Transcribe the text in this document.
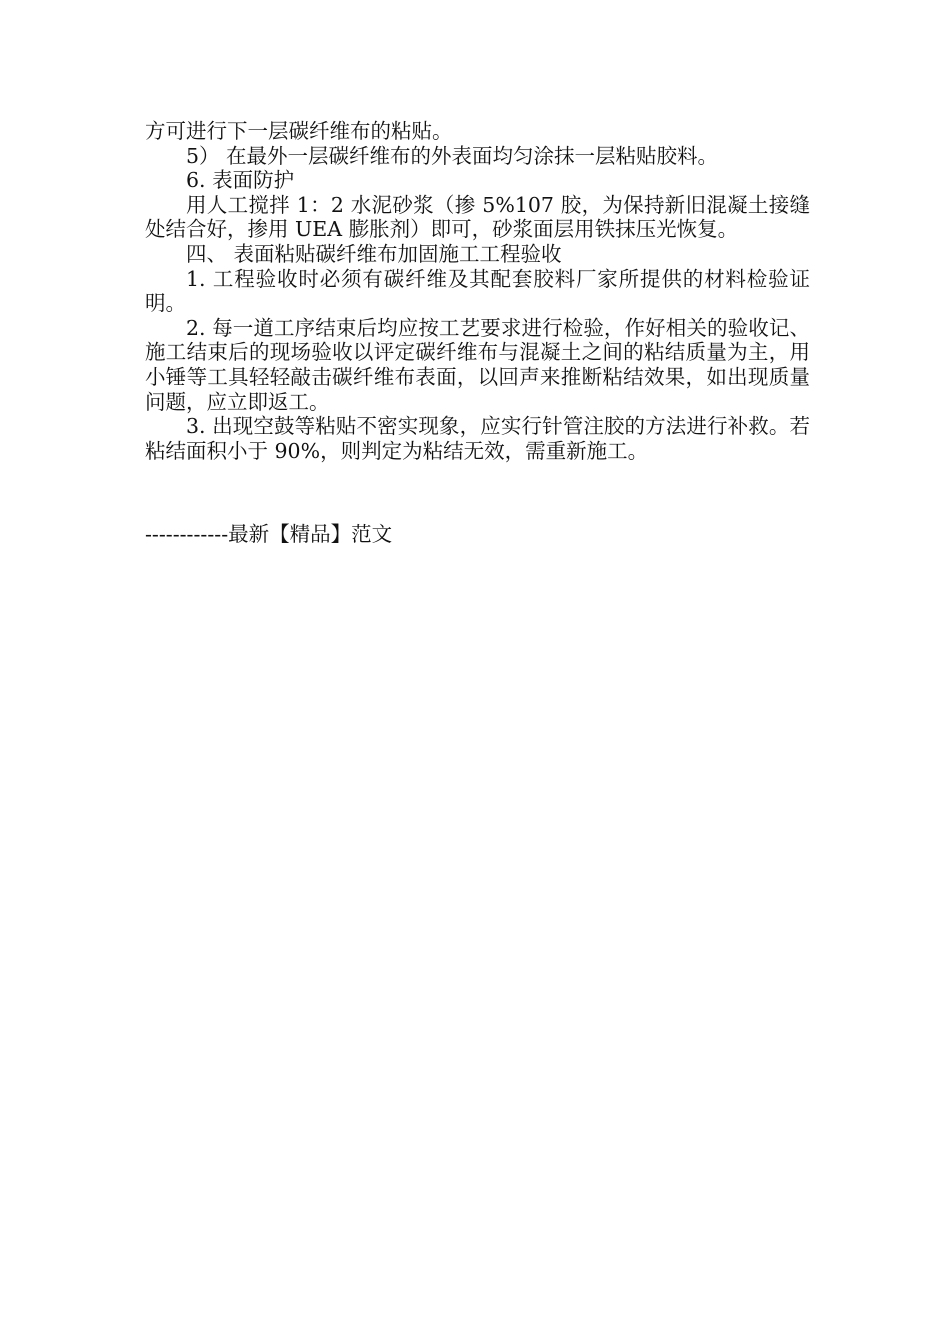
方可进行下一层碳纤维布的粘贴。

5） 在最外一层碳纤维布的外表面均匀涂抹一层粘贴胶料。

6. 表面防护

用人工搅拌 1：2 水泥砂浆（掺 5%107 胶，为保持新旧混凝土接缝处结合好，掺用 UEA 膨胀剂）即可，砂浆面层用铁抹压光恢复。

四、 表面粘贴碳纤维布加固施工工程验收

1. 工程验收时必须有碳纤维及其配套胶料厂家所提供的材料检验证明。

2. 每一道工序结束后均应按工艺要求进行检验，作好相关的验收记、施工结束后的现场验收以评定碳纤维布与混凝土之间的粘结质量为主，用小锤等工具轻轻敲击碳纤维布表面，以回声来推断粘结效果，如出现质量问题，应立即返工。

3. 出现空鼓等粘贴不密实现象，应实行针管注胶的方法进行补救。若粘结面积小于 90%，则判定为粘结无效，需重新施工。

------------最新【精品】范文
